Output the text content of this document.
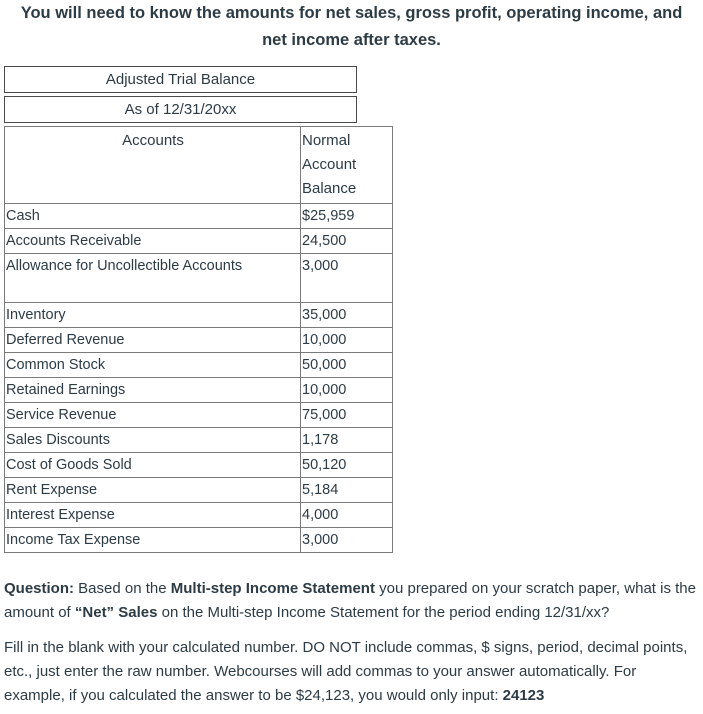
You will need to know the amounts for net sales, gross profit, operating income, and
net income after taxes.
Adjusted Trial Balance
As of 12/31/20xx
Accounts	Normal
Account
Balance
Cash	$25,959
Accounts Receivable	24,500
Allowance for Uncollectible Accounts	3,000
Inventory	35,000
Deferred Revenue	10,000
Common Stock	50,000
Retained Earnings	10,000
Service Revenue	75,000
Sales Discounts	1,178
Cost of Goods Sold	50,120
Rent Expense	5,184
Interest Expense	4,000
Income Tax Expense	3,000
Question: Based on the Multi-step Income Statement you prepared on your scratch paper, what is the amount of “Net” Sales on the Multi-step Income Statement for the period ending 12/31/xx?
Fill in the blank with your calculated number. DO NOT include commas, $ signs, period, decimal points, etc., just enter the raw number. Webcourses will add commas to your answer automatically. For example, if you calculated the answer to be $24,123, you would only input: 24123
